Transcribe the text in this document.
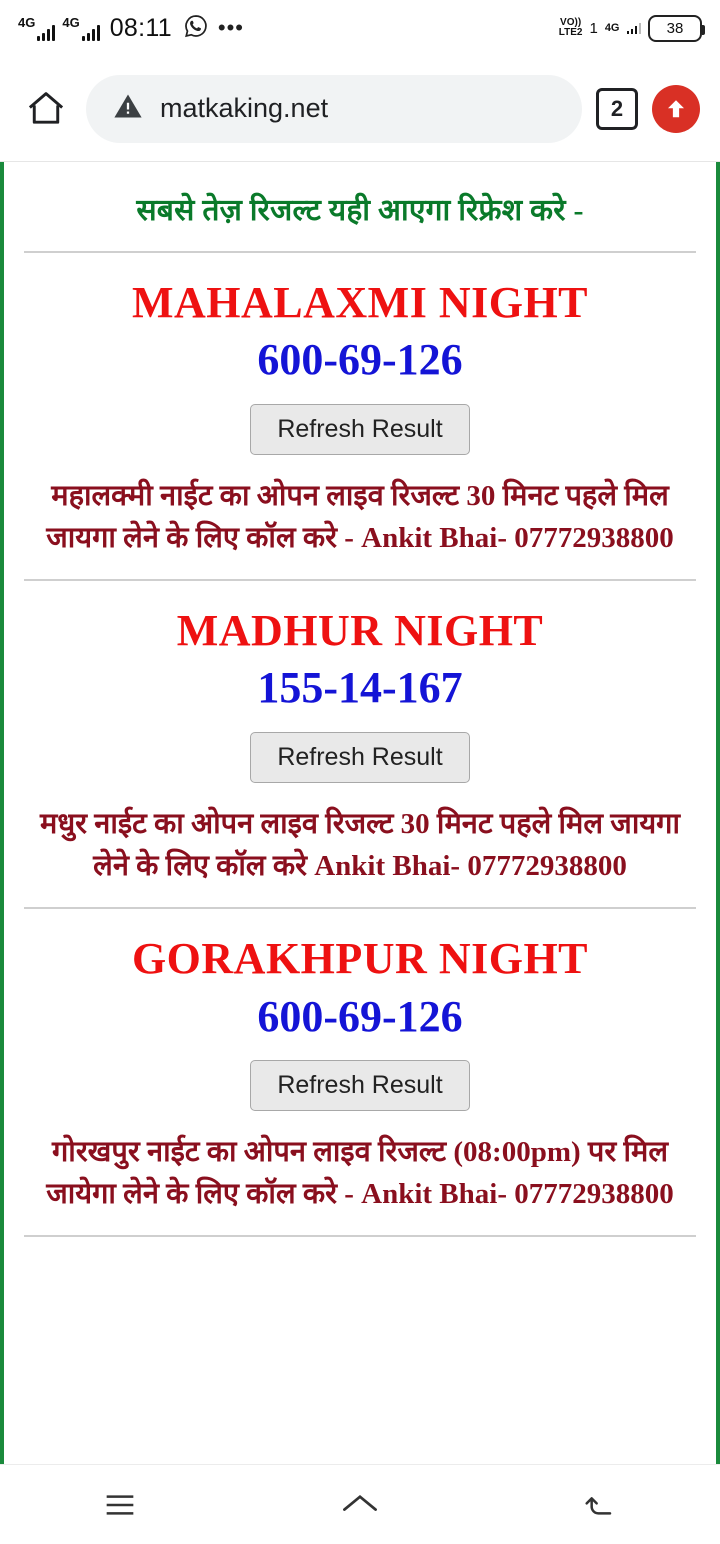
4G 4G 08:11 •••	VO))
LTE2 1 4G	38
matkaking.net	2
सबसे तेज़ रिजल्ट यही आएगा रिफ्रेश करे -
MAHALAXMI NIGHT
600-69-126
Refresh Result
महालक्मी नाईट का ओपन लाइव रिजल्ट 30 मिनट पहले मिल जायगा लेने के लिए कॉल करे - Ankit Bhai- 07772938800
MADHUR NIGHT
155-14-167
Refresh Result
मधुर नाईट का ओपन लाइव रिजल्ट 30 मिनट पहले मिल जायगा लेने के लिए कॉल करे Ankit Bhai- 07772938800
GORAKHPUR NIGHT
600-69-126
Refresh Result
गोरखपुर नाईट का ओपन लाइव रिजल्ट (08:00pm) पर मिल जायेगा लेने के लिए कॉल करे - Ankit Bhai- 07772938800
